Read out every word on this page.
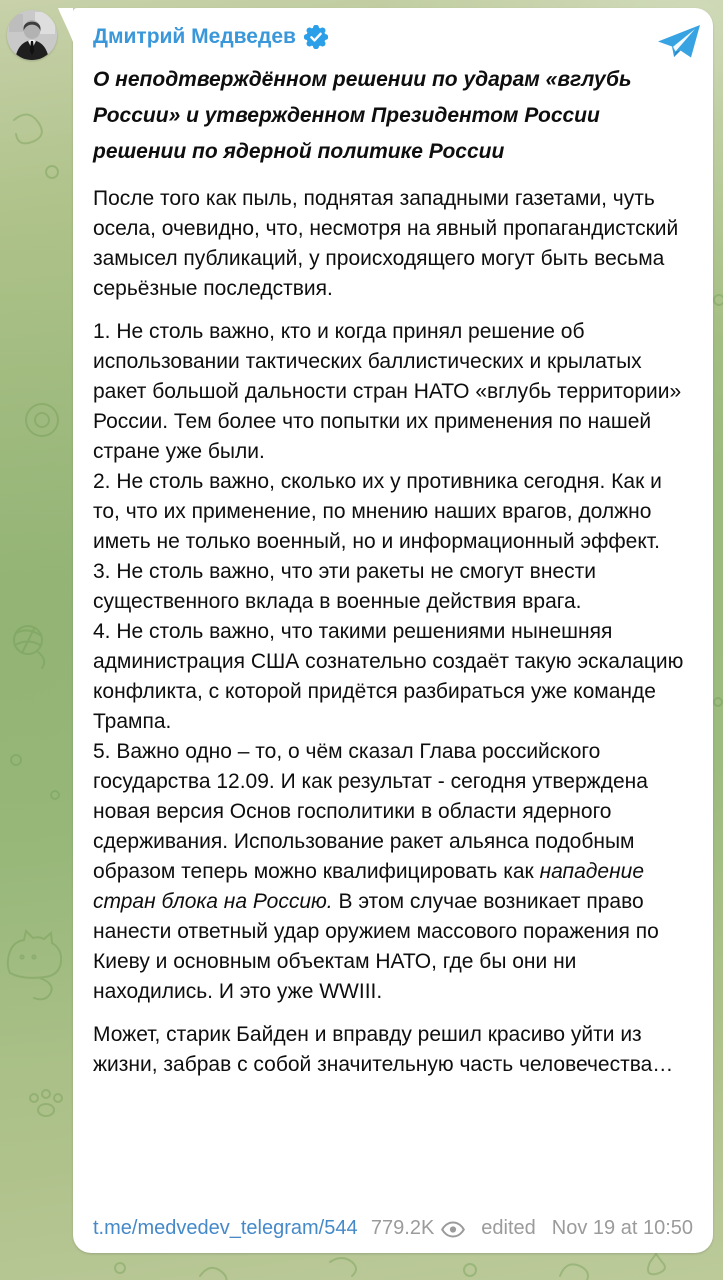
Дмитрий Медведев
О неподтверждённом решении по ударам «вглубь России» и утвержденном Президентом России решении по ядерной политике России

После того как пыль, поднятая западными газетами, чуть осела, очевидно, что, несмотря на явный пропагандистский замысел публикаций, у происходящего могут быть весьма серьёзные последствия.

1. Не столь важно, кто и когда принял решение об использовании тактических баллистических и крылатых ракет большой дальности стран НАТО «вглубь территории» России. Тем более что попытки их применения по нашей стране уже были.

2. Не столь важно, сколько их у противника сегодня. Как и то, что их применение, по мнению наших врагов, должно иметь не только военный, но и информационный эффект.

3. Не столь важно, что эти ракеты не смогут внести существенного вклада в военные действия врага.

4. Не столь важно, что такими решениями нынешняя администрация США сознательно создаёт такую эскалацию конфликта, с которой придётся разбираться уже команде Трампа.

5. Важно одно – то, о чём сказал Глава российского государства 12.09. И как результат - сегодня утверждена новая версия Основ госполитики в области ядерного сдерживания. Использование ракет альянса подобным образом теперь можно квалифицировать как нападение стран блока на Россию. В этом случае возникает право нанести ответный удар оружием массового поражения по Киеву и основным объектам НАТО, где бы они ни находились. И это уже WWIII.

Может, старик Байден и вправду решил красиво уйти из жизни, забрав с собой значительную часть человечества…

t.me/medvedev_telegram/544 779.2K edited Nov 19 at 10:50
